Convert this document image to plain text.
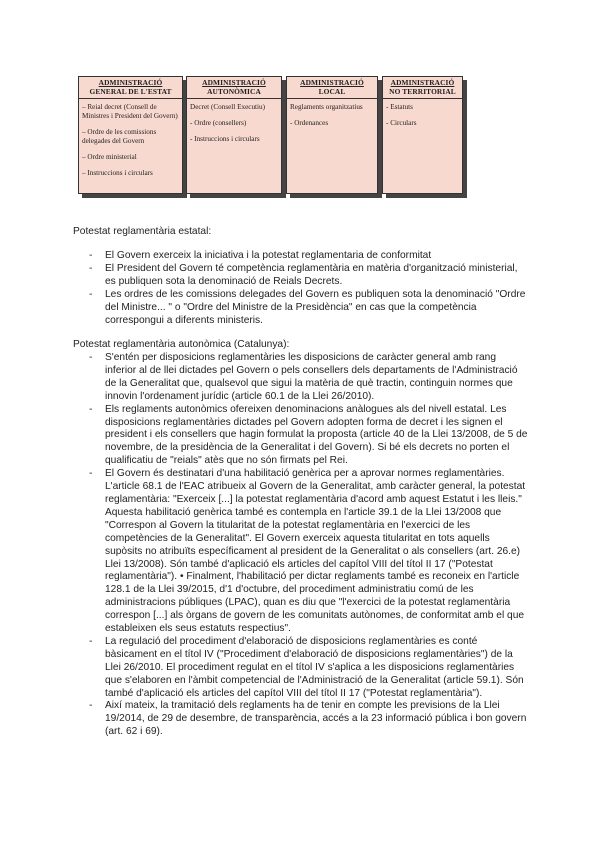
ADMINISTRACIÓ
GENERAL DE L'ESTAT
– Reial decret (Consell de Ministres i President del Govern)
– Ordre de les comissions delegades del Govern
– Ordre ministerial
– Instruccions i circulars
ADMINISTRACIÓ
AUTONÒMICA
Decret (Consell Executiu)
- Ordre (consellers)
- Instruccions i circulars
ADMINISTRACIÓ
LOCAL
Reglaments organitzatius
- Ordenances
ADMINISTRACIÓ
NO TERRITORIAL
- Estatuts
- Circulars

Potestat reglamentària estatal:

- El Govern exerceix la iniciativa i la potestat reglamentaria de conformitat
- El President del Govern té competència reglamentària en matèria d'organització ministerial, es publiquen sota la denominació de Reials Decrets.
- Les ordres de les comissions delegades del Govern es publiquen sota la denominació "Ordre del Ministre... " o "Ordre del Ministre de la Presidència" en cas que la competència correspongui a diferents ministeris.

Potestat reglamentària autonòmica (Catalunya):

- S'entén per disposicions reglamentàries les disposicions de caràcter general amb rang inferior al de llei dictades pel Govern o pels consellers dels departaments de l'Administració de la Generalitat que, qualsevol que sigui la matèria de què tractin, continguin normes que innovin l'ordenament jurídic (article 60.1 de la Llei 26/2010).
- Els reglaments autonòmics ofereixen denominacions anàlogues als del nivell estatal. Les disposicions reglamentàries dictades pel Govern adopten forma de decret i les signen el president i els consellers que hagin formulat la proposta (article 40 de la Llei 13/2008, de 5 de novembre, de la presidència de la Generalitat i del Govern). Si bé els decrets no porten el qualificatiu de "reials" atès que no són firmats pel Rei.
- El Govern és destinatari d'una habilitació genèrica per a aprovar normes reglamentàries. L'article 68.1 de l'EAC atribueix al Govern de la Generalitat, amb caràcter general, la potestat reglamentària: "Exerceix [...] la potestat reglamentària d'acord amb aquest Estatut i les lleis." Aquesta habilitació genèrica també es contempla en l'article 39.1 de la Llei 13/2008 que "Correspon al Govern la titularitat de la potestat reglamentària en l'exercici de les competències de la Generalitat". El Govern exerceix aquesta titularitat en tots aquells supòsits no atribuïts específicament al president de la Generalitat o als consellers (art. 26.e) Llei 13/2008). Són també d'aplicació els articles del capítol VIII del títol II 17 ("Potestat reglamentària"). • Finalment, l'habilitació per dictar reglaments també es reconeix en l'article 128.1 de la Llei 39/2015, d'1 d'octubre, del procediment administratiu comú de les administracions públiques (LPAC), quan es diu que "l'exercici de la potestat reglamentària correspon [...] als òrgans de govern de les comunitats autònomes, de conformitat amb el que estableixen els seus estatuts respectius".
- La regulació del procediment d'elaboració de disposicions reglamentàries es conté bàsicament en el títol IV ("Procediment d'elaboració de disposicions reglamentàries") de la Llei 26/2010. El procediment regulat en el títol IV s'aplica a les disposicions reglamentàries que s'elaboren en l'àmbit competencial de l'Administració de la Generalitat (article 59.1). Són també d'aplicació els articles del capítol VIII del títol II 17 ("Potestat reglamentària").
- Així mateix, la tramitació dels reglaments ha de tenir en compte les previsions de la Llei 19/2014, de 29 de desembre, de transparència, accés a la 23 informació pública i bon govern (art. 62 i 69).
